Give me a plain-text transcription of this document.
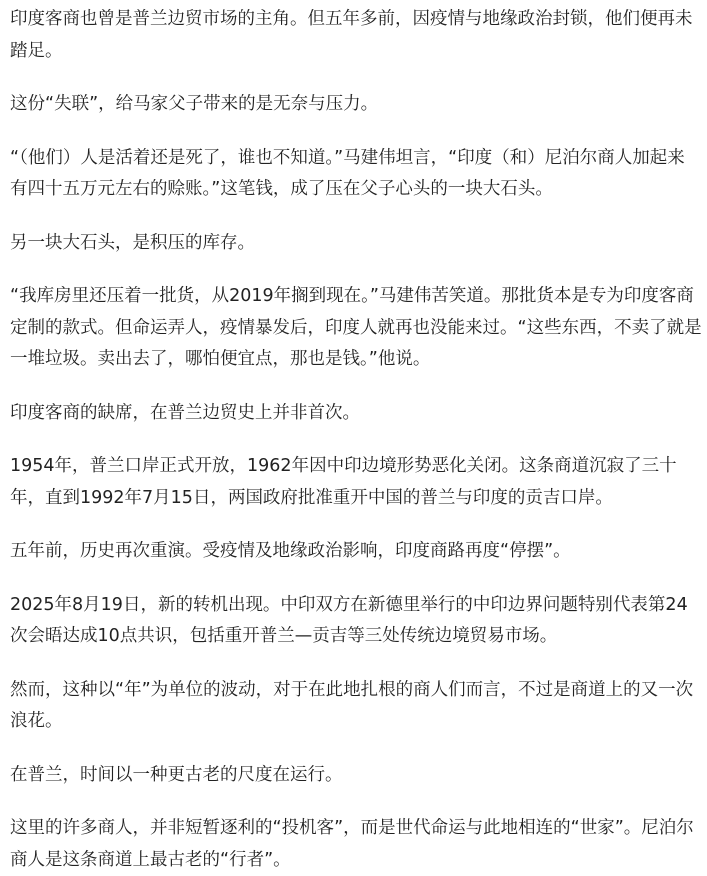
印度客商也曾是普兰边贸市场的主角。但五年多前，因疫情与地缘政治封锁，他们便再未踏足。

这份“失联”，给马家父子带来的是无奈与压力。

“（他们）人是活着还是死了，谁也不知道。”马建伟坦言，“印度（和）尼泊尔商人加起来有四十五万元左右的赊账。”这笔钱，成了压在父子心头的一块大石头。

另一块大石头，是积压的库存。

“我库房里还压着一批货，从2019年搁到现在。”马建伟苦笑道。那批货本是专为印度客商定制的款式。但命运弄人，疫情暴发后，印度人就再也没能来过。“这些东西，不卖了就是一堆垃圾。卖出去了，哪怕便宜点，那也是钱。”他说。

印度客商的缺席，在普兰边贸史上并非首次。

1954年，普兰口岸正式开放，1962年因中印边境形势恶化关闭。这条商道沉寂了三十年，直到1992年7月15日，两国政府批准重开中国的普兰与印度的贡吉口岸。

五年前，历史再次重演。受疫情及地缘政治影响，印度商路再度“停摆”。

2025年8月19日，新的转机出现。中印双方在新德里举行的中印边界问题特别代表第24次会晤达成10点共识，包括重开普兰—贡吉等三处传统边境贸易市场。

然而，这种以“年”为单位的波动，对于在此地扎根的商人们而言，不过是商道上的又一次浪花。

在普兰，时间以一种更古老的尺度在运行。

这里的许多商人，并非短暂逐利的“投机客”，而是世代命运与此地相连的“世家”。尼泊尔商人是这条商道上最古老的“行者”。
